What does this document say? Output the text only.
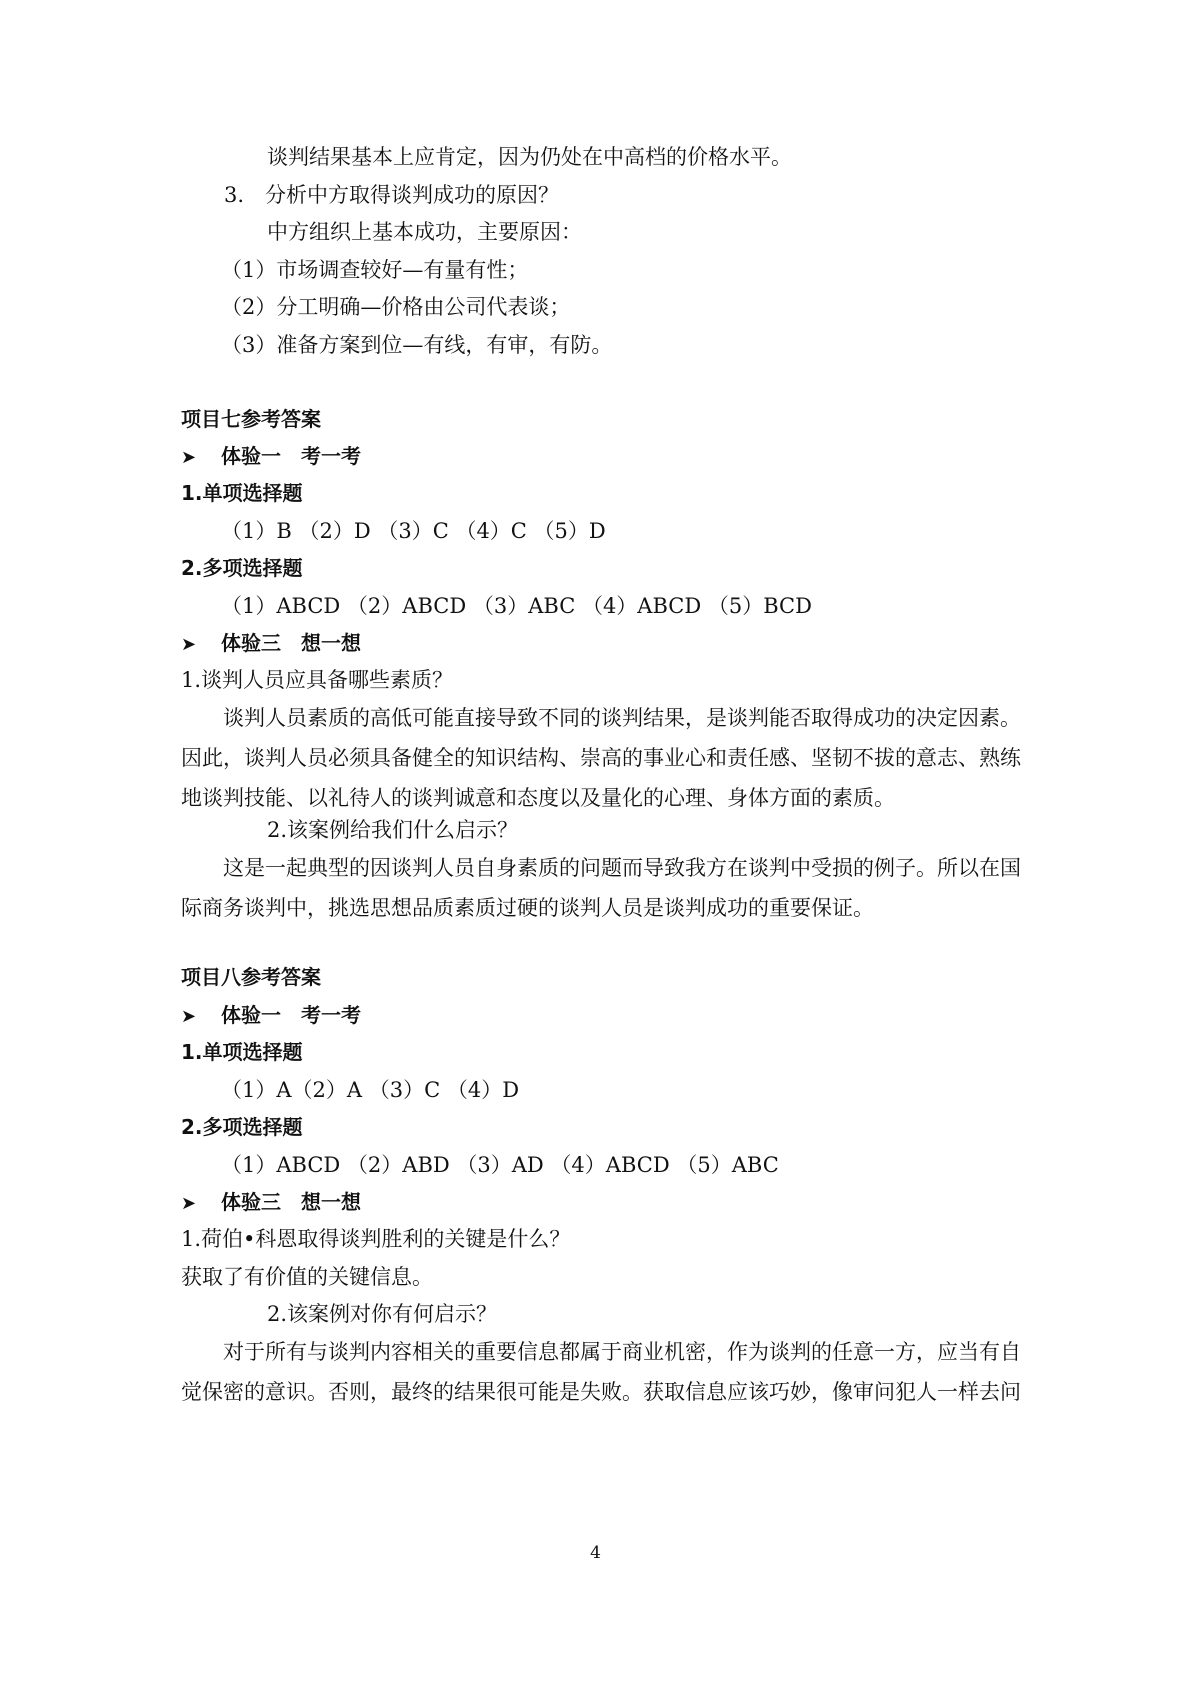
谈判结果基本上应肯定，因为仍处在中高档的价格水平。
3.　分析中方取得谈判成功的原因？
中方组织上基本成功，主要原因：
（1）市场调查较好—有量有性；
（2）分工明确—价格由公司代表谈；
（3）准备方案到位—有线，有审，有防。
项目七参考答案
➤ 体验一　考一考
1.单项选择题
（1）B （2）D （3）C （4）C （5）D
2.多项选择题
（1）ABCD （2）ABCD （3）ABC （4）ABCD （5）BCD
➤ 体验三　想一想
1.谈判人员应具备哪些素质？
谈判人员素质的高低可能直接导致不同的谈判结果，是谈判能否取得成功的决定因素。因此，谈判人员必须具备健全的知识结构、崇高的事业心和责任感、坚韧不拔的意志、熟练地谈判技能、以礼待人的谈判诚意和态度以及量化的心理、身体方面的素质。
2.该案例给我们什么启示？
这是一起典型的因谈判人员自身素质的问题而导致我方在谈判中受损的例子。所以在国际商务谈判中，挑选思想品质素质过硬的谈判人员是谈判成功的重要保证。
项目八参考答案
➤ 体验一　考一考
1.单项选择题
（1）A（2）A （3）C （4）D
2.多项选择题
（1）ABCD （2）ABD （3）AD （4）ABCD （5）ABC
➤ 体验三　想一想
1.荷伯•科恩取得谈判胜利的关键是什么？
获取了有价值的关键信息。
2.该案例对你有何启示？
对于所有与谈判内容相关的重要信息都属于商业机密，作为谈判的任意一方，应当有自觉保密的意识。否则，最终的结果很可能是失败。获取信息应该巧妙，像审问犯人一样去问
4
